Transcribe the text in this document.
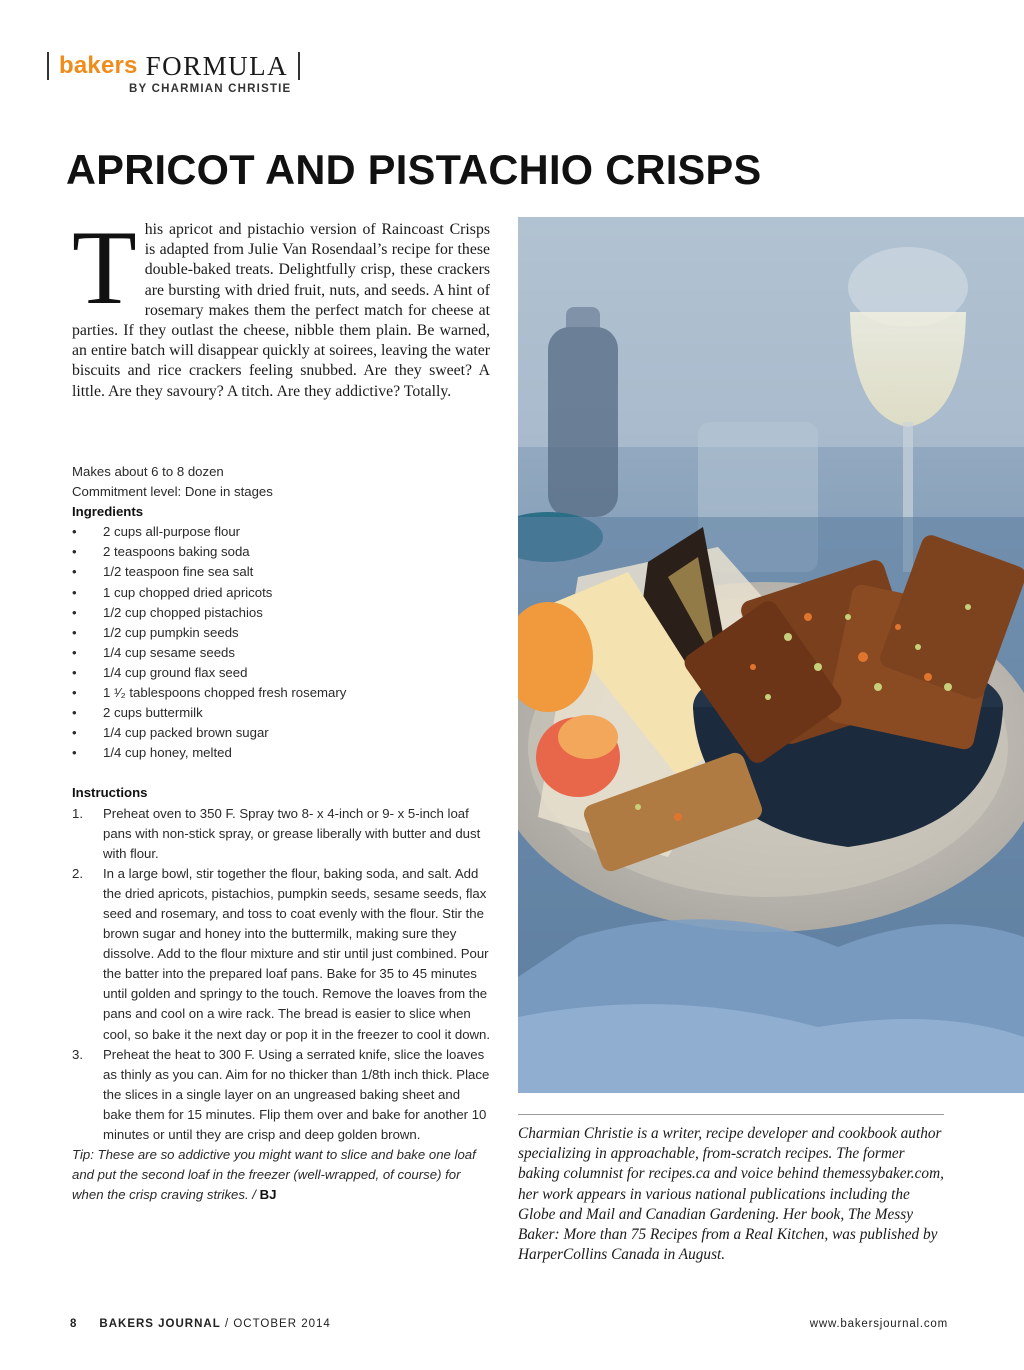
bakers FORMULA
BY CHARMIAN CHRISTIE
APRICOT AND PISTACHIO CRISPS
T his apricot and pistachio version of Raincoast Crisps is adapted from Julie Van Rosendaal’s recipe for these double-baked treats. Delightfully crisp, these crackers are bursting with dried fruit, nuts, and seeds. A hint of rosemary makes them the perfect match for cheese at parties. If they outlast the cheese, nibble them plain. Be warned, an entire batch will disappear quickly at soirees, leaving the water biscuits and rice crackers feeling snubbed. Are they sweet? A little. Are they savoury? A titch. Are they addictive? Totally.

Makes about 6 to 8 dozen

Commitment level: Done in stages

Ingredients

• 2 cups all-purpose flour
• 2 teaspoons baking soda
• 1/2 teaspoon fine sea salt
• 1 cup chopped dried apricots
• 1/2 cup chopped pistachios
• 1/2 cup pumpkin seeds
• 1/4 cup sesame seeds
• 1/4 cup ground flax seed
• 1 ¹⁄₂ tablespoons chopped fresh rosemary
• 2 cups buttermilk
• 1/4 cup packed brown sugar
• 1/4 cup honey, melted

Instructions

1. Preheat oven to 350 F. Spray two 8- x 4-inch or 9- x 5-inch loaf pans with non-stick spray, or grease liberally with butter and dust with flour.
2. In a large bowl, stir together the flour, baking soda, and salt. Add the dried apricots, pistachios, pumpkin seeds, sesame seeds, flax seed and rosemary, and toss to coat evenly with the flour. Stir the brown sugar and honey into the buttermilk, making sure they dissolve. Add to the flour mixture and stir until just combined. Pour the batter into the prepared loaf pans. Bake for 35 to 45 minutes until golden and springy to the touch. Remove the loaves from the pans and cool on a wire rack. The bread is easier to slice when cool, so bake it the next day or pop it in the freezer to cool it down.
3. Preheat the heat to 300 F. Using a serrated knife, slice the loaves as thinly as you can. Aim for no thicker than 1/8th inch thick. Place the slices in a single layer on an ungreased baking sheet and bake them for 15 minutes. Flip them over and bake for another 10 minutes or until they are crisp and deep golden brown.

Tip: These are so addictive you might want to slice and bake one loaf and put the second loaf in the freezer (well-wrapped, of course) for when the crisp craving strikes. / BJ

Charmian Christie is a writer, recipe developer and cookbook author specializing in approachable, from-scratch recipes. The former baking columnist for recipes.ca and voice behind themessybaker.com, her work appears in various national publications including the Globe and Mail and Canadian Gardening. Her book, The Messy Baker: More than 75 Recipes from a Real Kitchen, was published by HarperCollins Canada in August.
8 BAKERS JOURNAL / OCTOBER 2014	www.bakersjournal.com
